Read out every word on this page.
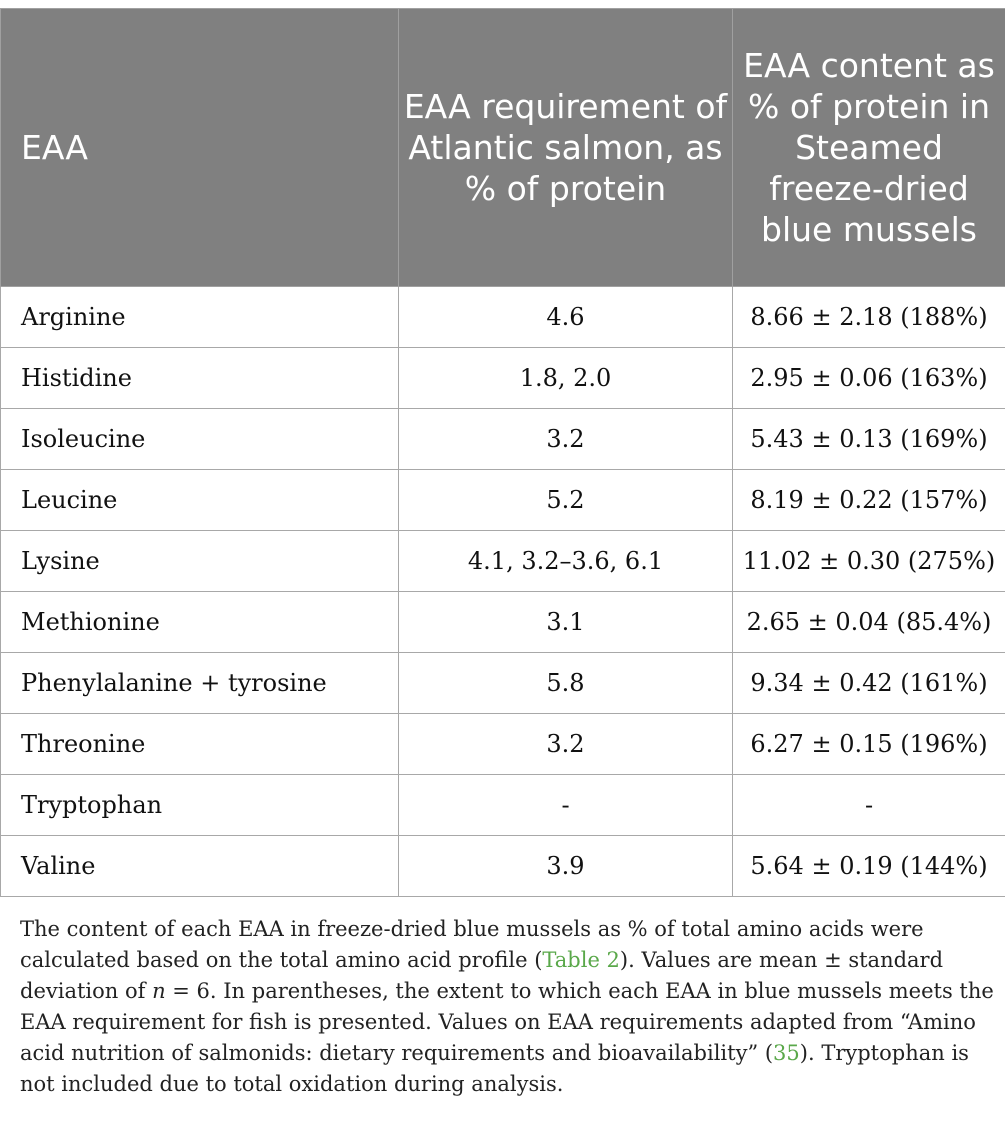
EAA	EAA requirement of Atlantic salmon, as % of protein	EAA content as % of protein in Steamed freeze-dried blue mussels
Arginine	4.6	8.66 ± 2.18 (188%)
Histidine	1.8, 2.0	2.95 ± 0.06 (163%)
Isoleucine	3.2	5.43 ± 0.13 (169%)
Leucine	5.2	8.19 ± 0.22 (157%)
Lysine	4.1, 3.2–3.6, 6.1	11.02 ± 0.30 (275%)
Methionine	3.1	2.65 ± 0.04 (85.4%)
Phenylalanine + tyrosine	5.8	9.34 ± 0.42 (161%)
Threonine	3.2	6.27 ± 0.15 (196%)
Tryptophan	-	-
Valine	3.9	5.64 ± 0.19 (144%)
The content of each EAA in freeze-dried blue mussels as % of total amino acids were calculated based on the total amino acid profile (Table 2). Values are mean ± standard deviation of n = 6. In parentheses, the extent to which each EAA in blue mussels meets the EAA requirement for fish is presented. Values on EAA requirements adapted from “Amino acid nutrition of salmonids: dietary requirements and bioavailability” (35). Tryptophan is not included due to total oxidation during analysis.
